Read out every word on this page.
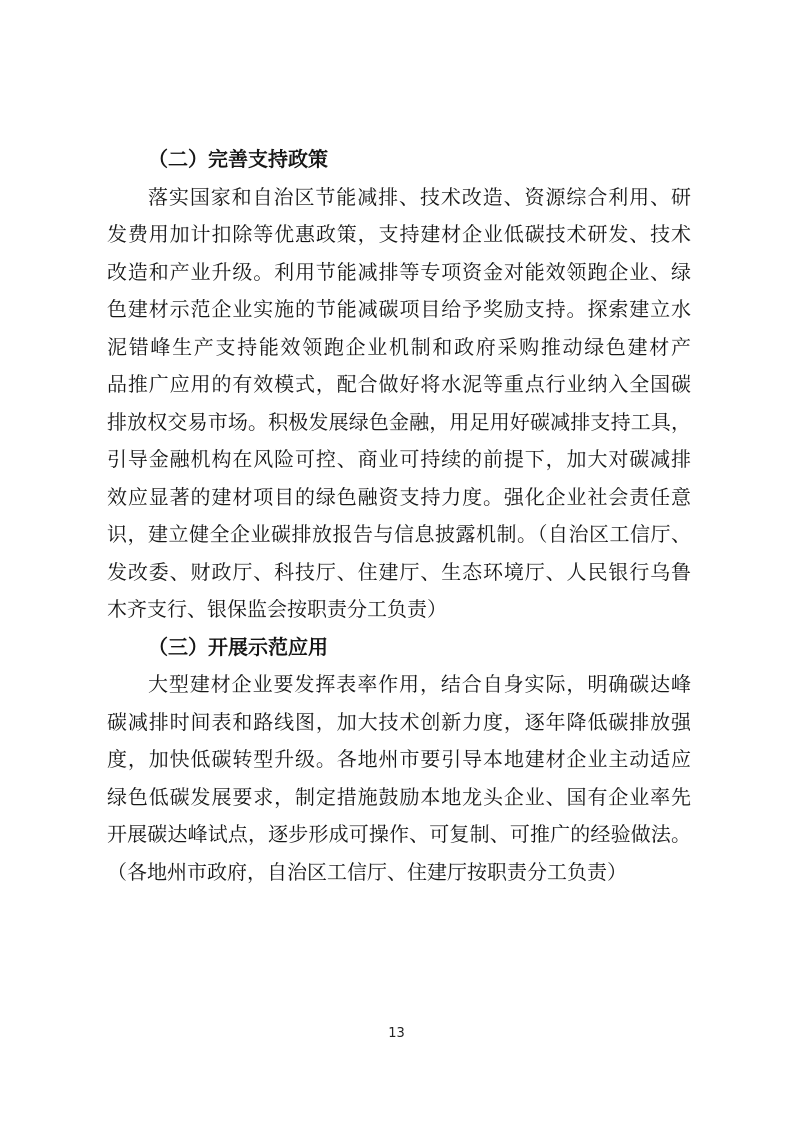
（二）完善支持政策
落实国家和自治区节能减排、技术改造、资源综合利用、研
发费用加计扣除等优惠政策，支持建材企业低碳技术研发、技术
改造和产业升级。利用节能减排等专项资金对能效领跑企业、绿
色建材示范企业实施的节能减碳项目给予奖励支持。探索建立水
泥错峰生产支持能效领跑企业机制和政府采购推动绿色建材产
品推广应用的有效模式，配合做好将水泥等重点行业纳入全国碳
排放权交易市场。积极发展绿色金融，用足用好碳减排支持工具，
引导金融机构在风险可控、商业可持续的前提下，加大对碳减排
效应显著的建材项目的绿色融资支持力度。强化企业社会责任意
识，建立健全企业碳排放报告与信息披露机制。（自治区工信厅、
发改委、财政厅、科技厅、住建厅、生态环境厅、人民银行乌鲁
木齐支行、银保监会按职责分工负责）
（三）开展示范应用
大型建材企业要发挥表率作用，结合自身实际，明确碳达峰
碳减排时间表和路线图，加大技术创新力度，逐年降低碳排放强
度，加快低碳转型升级。各地州市要引导本地建材企业主动适应
绿色低碳发展要求，制定措施鼓励本地龙头企业、国有企业率先
开展碳达峰试点，逐步形成可操作、可复制、可推广的经验做法。
（各地州市政府，自治区工信厅、住建厅按职责分工负责）
13
